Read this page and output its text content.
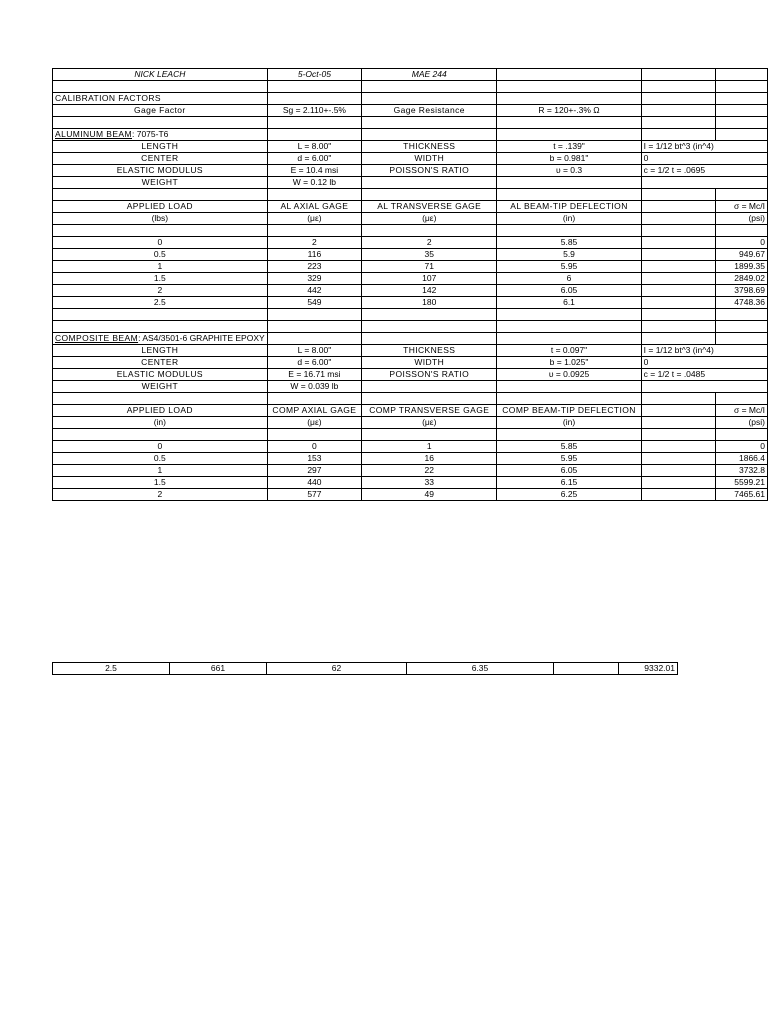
NICK LEACH	5-Oct-05	MAE 244			

CALIBRATION FACTORS					
Gage Factor	Sg = 2.110+-.5%	Gage Resistance	R = 120+-.3% Ω		

ALUMINUM BEAM: 7075-T6					
LENGTH	L = 8.00"	THICKNESS	t = .139"	I = 1/12 bt^3 (in^4)	
CENTER	d = 6.00"	WIDTH	b = 0.981"	0	
ELASTIC MODULUS	E = 10.4 msi	POISSON'S RATIO	υ = 0.3	c = 1/2 t = .0695	
WEIGHT	W = 0.12 lb				

APPLIED LOAD	AL AXIAL GAGE	AL TRANSVERSE GAGE	AL BEAM-TIP DEFLECTION		σ = Mc/I
(lbs)	(με)	(με)	(in)		(psi)

0	2	2	5.85		0
0.5	116	35	5.9		949.67
1	223	71	5.95		1899.35
1.5	329	107	6		2849.02
2	442	142	6.05		3798.69
2.5	549	180	6.1		4748.36

COMPOSITE BEAM: AS4/3501-6 GRAPHITE EPOXY					
LENGTH	L = 8.00"	THICKNESS	t = 0.097"	I = 1/12 bt^3 (in^4)	
CENTER	d = 6.00"	WIDTH	b = 1.025"	0	
ELASTIC MODULUS	E = 16.71 msi	POISSON'S RATIO	υ = 0.0925	c = 1/2 t = .0485	
WEIGHT	W = 0.039 lb				

APPLIED LOAD	COMP AXIAL GAGE	COMP TRANSVERSE GAGE	COMP BEAM-TIP DEFLECTION		σ = Mc/I
(in)	(με)	(με)	(in)		(psi)

0	0	1	5.85		0
0.5	153	16	5.95		1866.4
1	297	22	6.05		3732.8
1.5	440	33	6.15		5599.21
2	577	49	6.25		7465.61
2.5	661	62	6.35		9332.01
